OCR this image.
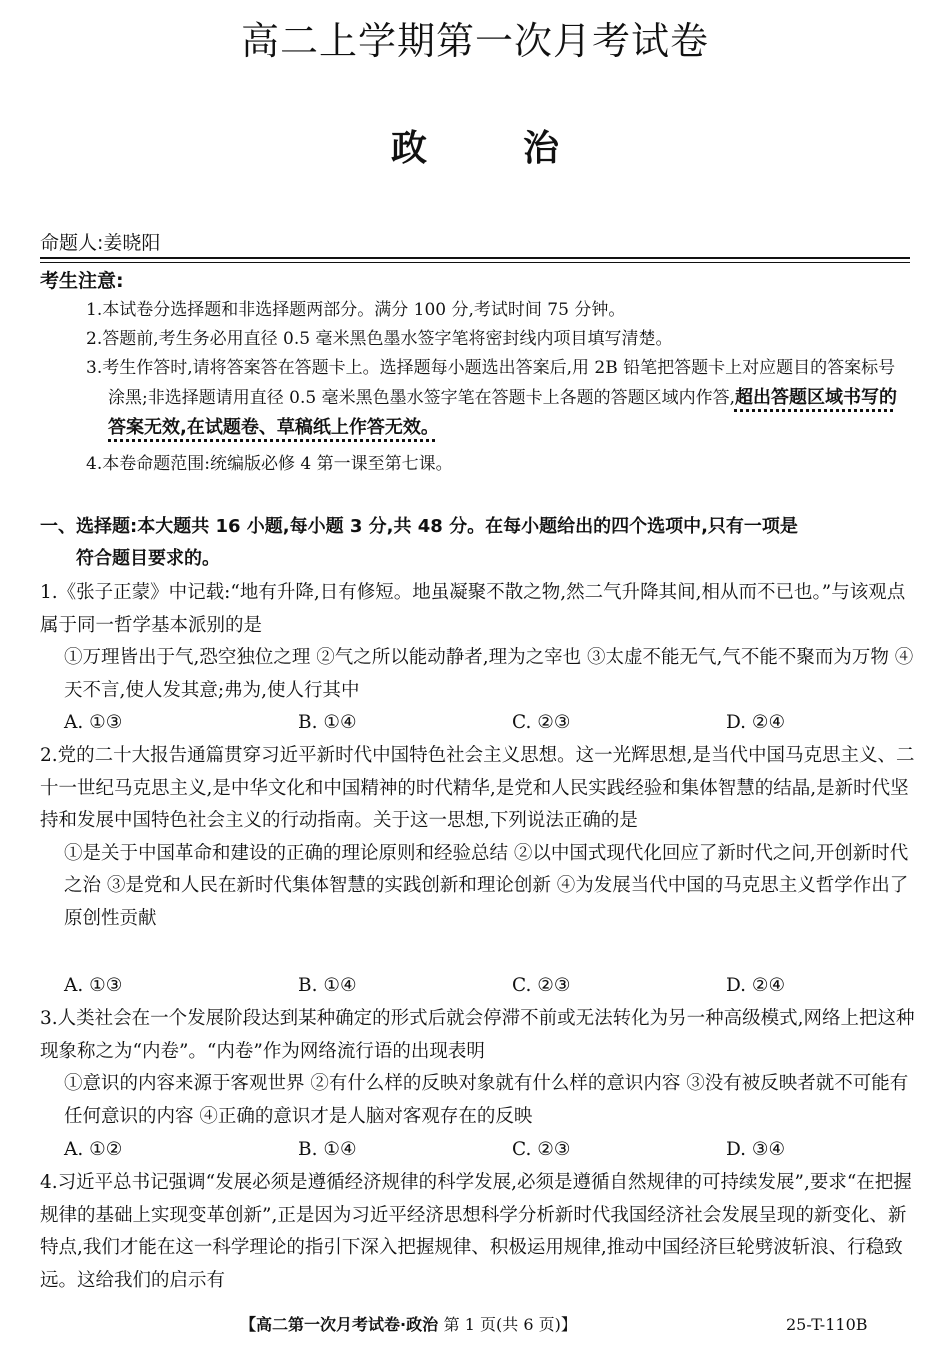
高二上学期第一次月考试卷
政	治
命题人:姜晓阳
考生注意:
1.本试卷分选择题和非选择题两部分。满分 100 分,考试时间 75 分钟。
2.答题前,考生务必用直径 0.5 毫米黑色墨水签字笔将密封线内项目填写清楚。
3.考生作答时,请将答案答在答题卡上。选择题每小题选出答案后,用 2B 铅笔把答题卡上对应题目的答案标号涂黑;非选择题请用直径 0.5 毫米黑色墨水签字笔在答题卡上各题的答题区域内作答,超出答题区域书写的答案无效,在试题卷、草稿纸上作答无效。
4.本卷命题范围:统编版必修 4 第一课至第七课。
一、选择题:本大题共 16 小题,每小题 3 分,共 48 分。在每小题给出的四个选项中,只有一项是
符合题目要求的。
1.《张子正蒙》中记载:“地有升降,日有修短。地虽凝聚不散之物,然二气升降其间,相从而不已也。”与该观点属于同一哲学基本派别的是
①万理皆出于气,恐空独位之理 ②气之所以能动静者,理为之宰也 ③太虚不能无气,气不能不聚而为万物 ④天不言,使人发其意;弗为,使人行其中
A. ①③	B. ①④	C. ②③	D. ②④
2.党的二十大报告通篇贯穿习近平新时代中国特色社会主义思想。这一光辉思想,是当代中国马克思主义、二十一世纪马克思主义,是中华文化和中国精神的时代精华,是党和人民实践经验和集体智慧的结晶,是新时代坚持和发展中国特色社会主义的行动指南。关于这一思想,下列说法正确的是
①是关于中国革命和建设的正确的理论原则和经验总结 ②以中国式现代化回应了新时代之问,开创新时代之治 ③是党和人民在新时代集体智慧的实践创新和理论创新 ④为发展当代中国的马克思主义哲学作出了原创性贡献
A. ①③	B. ①④	C. ②③	D. ②④
3.人类社会在一个发展阶段达到某种确定的形式后就会停滞不前或无法转化为另一种高级模式,网络上把这种现象称之为“内卷”。“内卷”作为网络流行语的出现表明
①意识的内容来源于客观世界 ②有什么样的反映对象就有什么样的意识内容 ③没有被反映者就不可能有任何意识的内容 ④正确的意识才是人脑对客观存在的反映
A. ①②	B. ①④	C. ②③	D. ③④
4.习近平总书记强调“发展必须是遵循经济规律的科学发展,必须是遵循自然规律的可持续发展”,要求“在把握规律的基础上实现变革创新”,正是因为习近平经济思想科学分析新时代我国经济社会发展呈现的新变化、新特点,我们才能在这一科学理论的指引下深入把握规律、积极运用规律,推动中国经济巨轮劈波斩浪、行稳致远。这给我们的启示有
【高二第一次月考试卷·政治 第 1 页(共 6 页)】	25-T-110B
